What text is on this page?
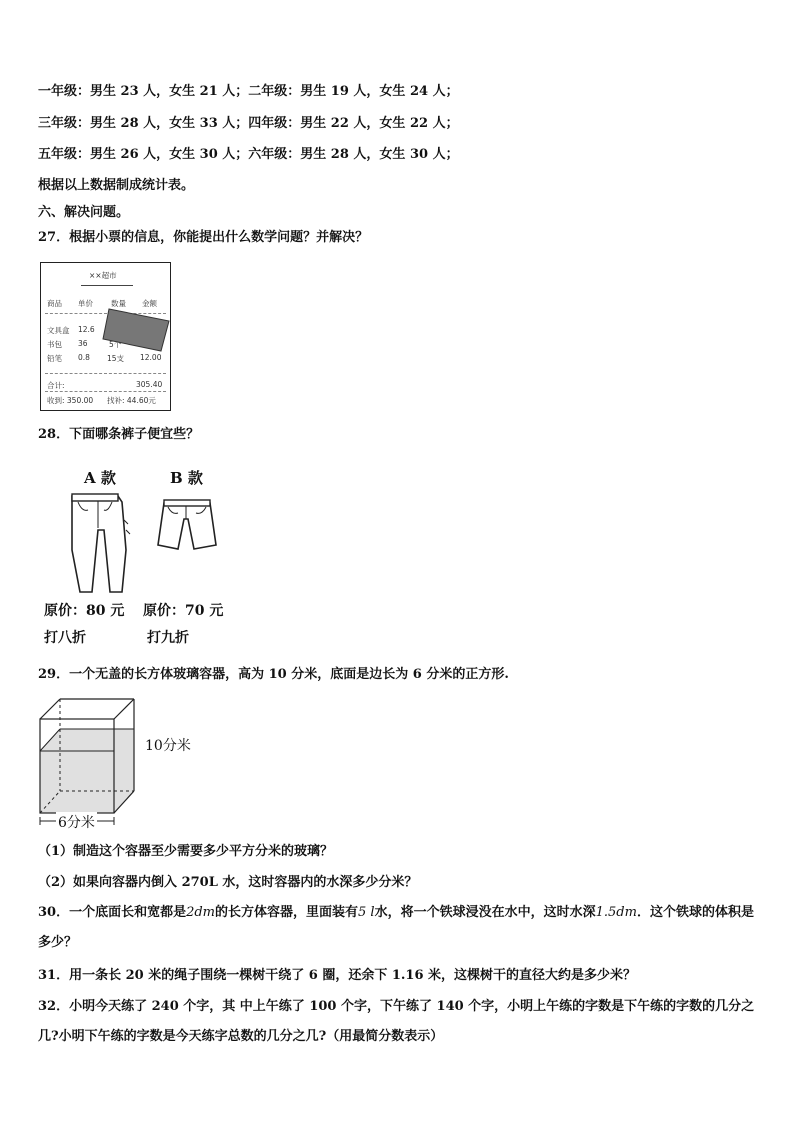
一年级：男生 23 人，女生 21 人；二年级：男生 19 人，女生 24 人；
三年级：男生 28 人，女生 33 人；四年级：男生 22 人，女生 22 人；
五年级：男生 26 人，女生 30 人；六年级：男生 28 人，女生 30 人；
根据以上数据制成统计表。
六、解决问题。
27．根据小票的信息，你能提出什么数学问题？并解决？
××超市
商品 单价 数量 金额
文具盒 12.6
书包 36	5个
铅笔 0.8 15支 12.00
合计:	305.40
收到: 350.00 找补: 44.60元
28．下面哪条裤子便宜些？
A 款	B 款
原价：80 元 原价：70 元
打八折	打九折
29．一个无盖的长方体玻璃容器，高为 10 分米，底面是边长为 6 分米的正方形.
10分米
6分米
（1）制造这个容器至少需要多少平方分米的玻璃？
（2）如果向容器内倒入 270L 水，这时容器内的水深多少分米？
30．一个底面长和宽都是2dm的长方体容器，里面装有5 l水，将一个铁球浸没在水中，这时水深1.5dm．这个铁球的体积是多少？
31．用一条长 20 米的绳子围绕一棵树干绕了 6 圈，还余下 1.16 米，这棵树干的直径大约是多少米？
32．小明今天练了 240 个字，其 中上午练了 100 个字，下午练了 140 个字，小明上午练的字数是下午练的字数的几分之几?小明下午练的字数是今天练字总数的几分之几?（用最简分数表示）
